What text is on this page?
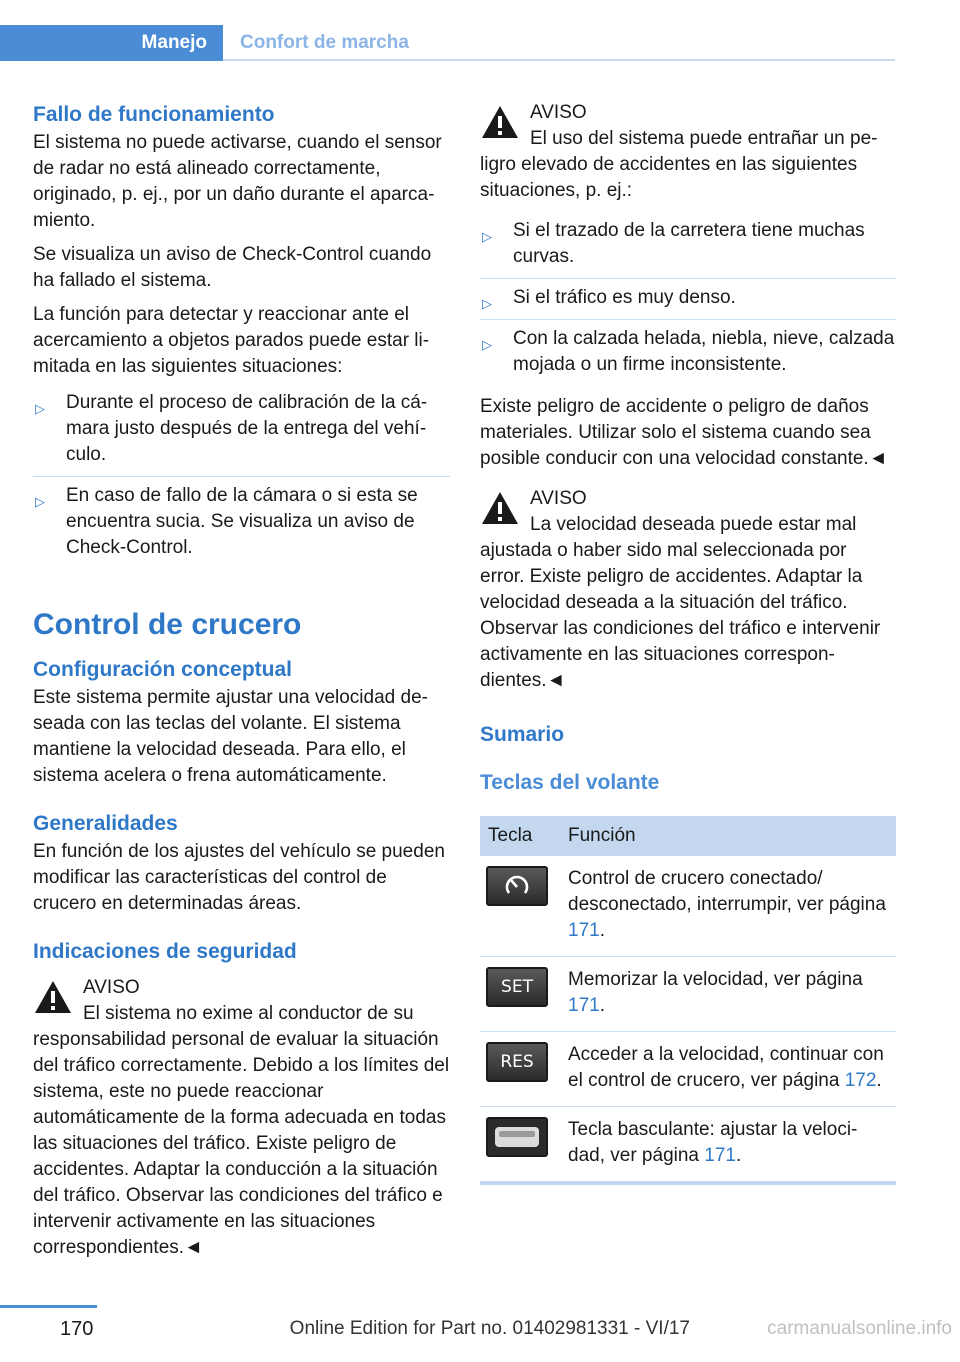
Manejo Confort de marcha
Fallo de funcionamiento

El sistema no puede activarse, cuando el sensor de radar no está alineado correctamente, originado, p. ej., por un daño durante el aparcamiento.

Se visualiza un aviso de Check-Control cuando ha fallado el sistema.

La función para detectar y reaccionar ante el acercamiento a objetos parados puede estar limitada en las siguientes situaciones:

▷ Durante el proceso de calibración de la cámara justo después de la entrega del vehículo.
▷ En caso de fallo de la cámara o si esta se encuentra sucia. Se visualiza un aviso de Check-Control.
Control de crucero
Configuración conceptual

Este sistema permite ajustar una velocidad deseada con las teclas del volante. El sistema mantiene la velocidad deseada. Para ello, el sistema acelera o frena automáticamente.

Generalidades

En función de los ajustes del vehículo se pueden modificar las características del control de crucero en determinadas áreas.

Indicaciones de seguridad
AVISO
El sistema no exime al conductor de su responsabilidad personal de evaluar la situación del tráfico correctamente. Debido a los límites del sistema, este no puede reaccionar automáticamente de la forma adecuada en todas las situaciones del tráfico. Existe peligro de accidentes. Adaptar la conducción a la situación del tráfico. Observar las condiciones del tráfico e intervenir activamente en las situaciones correspondientes.◄
AVISO
El uso del sistema puede entrañar un peligro elevado de accidentes en las siguientes situaciones, p. ej.:
▷ Si el trazado de la carretera tiene muchas curvas.
▷ Si el tráfico es muy denso.
▷ Con la calzada helada, niebla, nieve, calzada mojada o un firme inconsistente.

Existe peligro de accidente o peligro de daños materiales. Utilizar solo el sistema cuando sea posible conducir con una velocidad constante.◄

AVISO
La velocidad deseada puede estar mal ajustada o haber sido mal seleccionada por error. Existe peligro de accidentes. Adaptar la velocidad deseada a la situación del tráfico. Observar las condiciones del tráfico e intervenir activamente en las situaciones correspondientes.◄
Sumario
Teclas del volante
Tecla	Función

	Control de crucero conectado/ desconectado, interrumpir, ver página 171.

SET	Memorizar la velocidad, ver página 171.

RES	Acceder a la velocidad, continuar con el control de crucero, ver página 172.

	Tecla basculante: ajustar la velocidad, ver página 171.
170	Online Edition for Part no. 01402981331 - VI/17	carmanualsonline.info
